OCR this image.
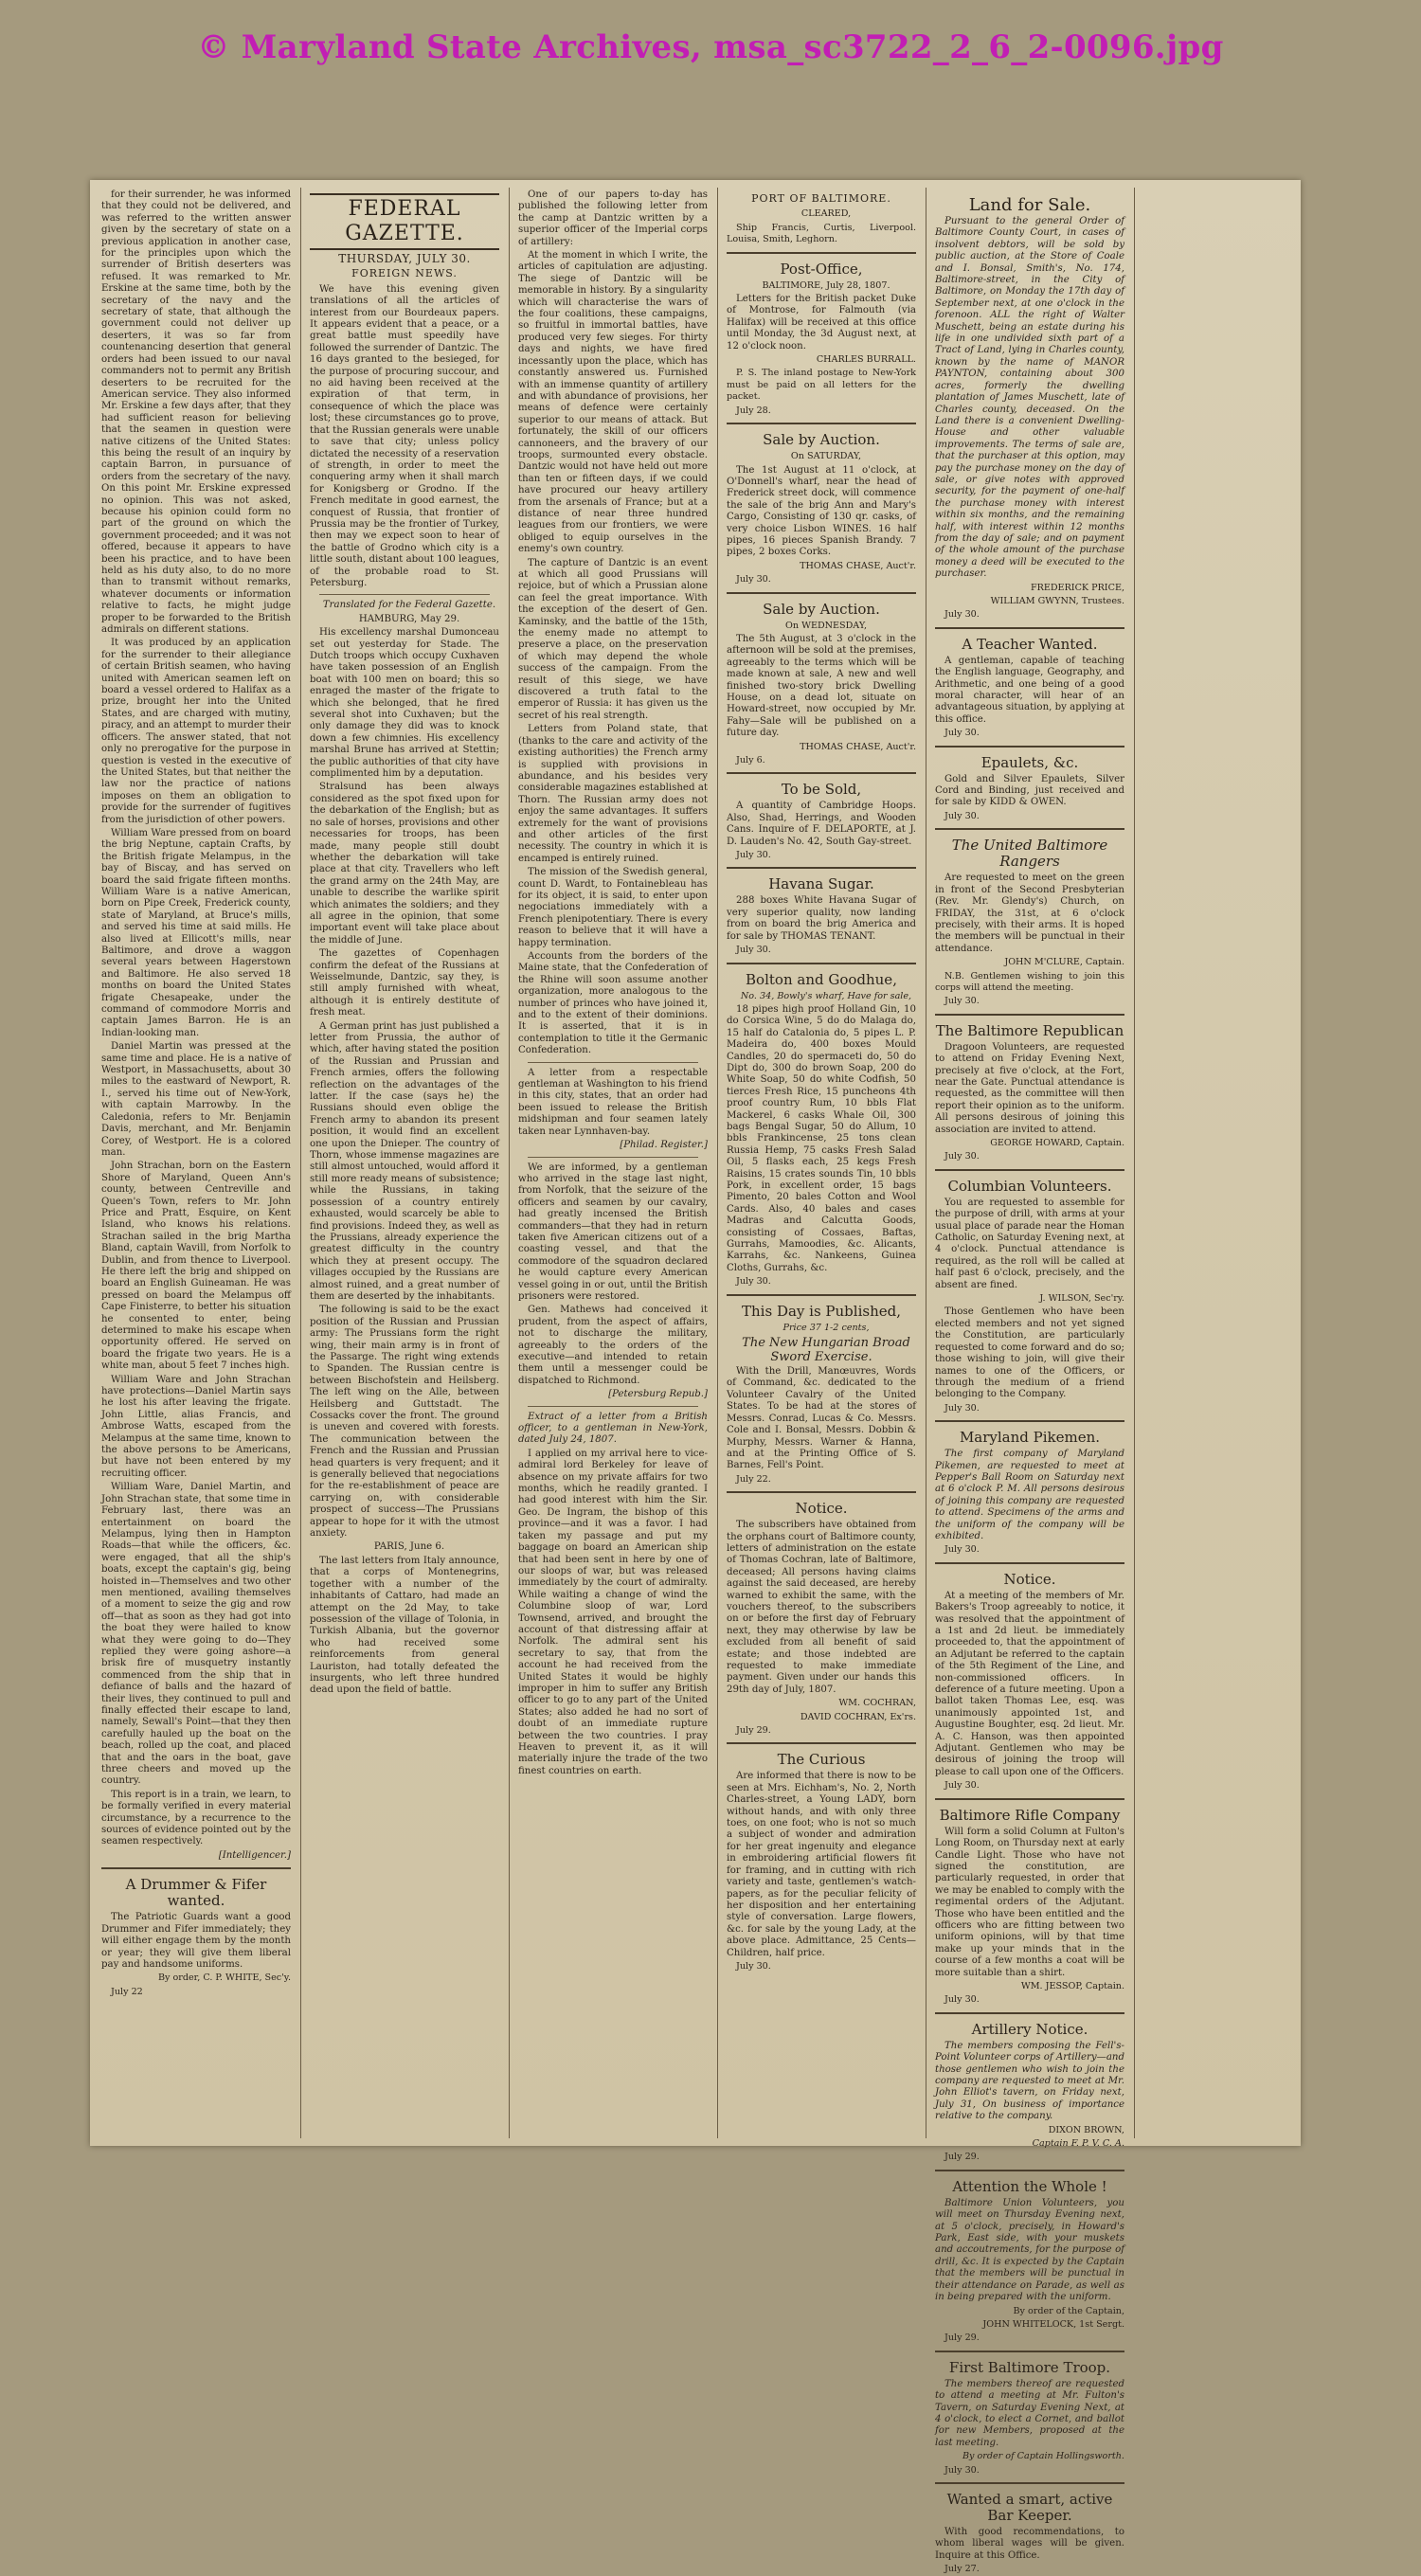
© Maryland State Archives, msa_sc3722_2_6_2-0096.jpg

for their surrender, he was informed that they could not be delivered, and was referred to the written answer given by the secretary of state on a previous application in another case, for the principles upon which the surrender of British deserters was refused. It was remarked to Mr. Erskine at the same time, both by the secretary of the navy and the secretary of state, that although the government could not deliver up deserters, it was so far from countenancing desertion that general orders had been issued to our naval commanders not to permit any British deserters to be recruited for the American service. They also informed Mr. Erskine a few days after, that they had sufficient reason for believing that the seamen in question were native citizens of the United States: this being the result of an inquiry by captain Barron, in pursuance of orders from the secretary of the navy. On this point Mr. Erskine expressed no opinion. This was not asked, because his opinion could form no part of the ground on which the government proceeded; and it was not offered, because it appears to have been his practice, and to have been held as his duty also, to do no more than to transmit without remarks, whatever documents or information relative to facts, he might judge proper to be forwarded to the British admirals on different stations.

It was produced by an application for the surrender to their allegiance of certain British seamen, who having united with American seamen left on board a vessel ordered to Halifax as a prize, brought her into the United States, and are charged with mutiny, piracy, and an attempt to murder their officers. The answer stated, that not only no prerogative for the purpose in question is vested in the executive of the United States, but that neither the law nor the practice of nations imposes on them an obligation to provide for the surrender of fugitives from the jurisdiction of other powers.

William Ware pressed from on board the brig Neptune, captain Crafts, by the British frigate Melampus, in the bay of Biscay, and has served on board the said frigate fifteen months. William Ware is a native American, born on Pipe Creek, Frederick county, state of Maryland, at Bruce's mills, and served his time at said mills. He also lived at Ellicott's mills, near Baltimore, and drove a waggon several years between Hagerstown and Baltimore. He also served 18 months on board the United States frigate Chesapeake, under the command of commodore Morris and captain James Barron. He is an Indian-looking man.

Daniel Martin was pressed at the same time and place. He is a native of Westport, in Massachusetts, about 30 miles to the eastward of Newport, R. I., served his time out of New-York, with captain Marrowby. In the Caledonia, refers to Mr. Benjamin Davis, merchant, and Mr. Benjamin Corey, of Westport. He is a colored man.

John Strachan, born on the Eastern Shore of Maryland, Queen Ann's county, between Centreville and Queen's Town, refers to Mr. John Price and Pratt, Esquire, on Kent Island, who knows his relations. Strachan sailed in the brig Martha Bland, captain Wavill, from Norfolk to Dublin, and from thence to Liverpool. He there left the brig and shipped on board an English Guineaman. He was pressed on board the Melampus off Cape Finisterre, to better his situation he consented to enter, being determined to make his escape when opportunity offered. He served on board the frigate two years. He is a white man, about 5 feet 7 inches high.

William Ware and John Strachan have protections—Daniel Martin says he lost his after leaving the frigate. John Little, alias Francis, and Ambrose Watts, escaped from the Melampus at the same time, known to the above persons to be Americans, but have not been entered by my recruiting officer.

William Ware, Daniel Martin, and John Strachan state, that some time in February last, there was an entertainment on board the Melampus, lying then in Hampton Roads—that while the officers, &c. were engaged, that all the ship's boats, except the captain's gig, being hoisted in—Themselves and two other men mentioned, availing themselves of a moment to seize the gig and row off—that as soon as they had got into the boat they were hailed to know what they were going to do—They replied they were going ashore—a brisk fire of musquetry instantly commenced from the ship that in defiance of balls and the hazard of their lives, they continued to pull and finally effected their escape to land, namely, Sewall's Point—that they then carefully hauled up the boat on the beach, rolled up the coat, and placed that and the oars in the boat, gave three cheers and moved up the country.

This report is in a train, we learn, to be formally verified in every material circumstance, by a recurrence to the sources of evidence pointed out by the seamen respectively.

[Intelligencer.]

A Drummer & Fifer wanted.

The Patriotic Guards want a good Drummer and Fifer immediately; they will either engage them by the month or year; they will give them liberal pay and handsome uniforms.

By order, C. P. WHITE, Sec'y.

July 22

FEDERAL GAZETTE.
THURSDAY, JULY 30.
FOREIGN NEWS.

We have this evening given translations of all the articles of interest from our Bourdeaux papers. It appears evident that a peace, or a great battle must speedily have followed the surrender of Dantzic. The 16 days granted to the besieged, for the purpose of procuring succour, and no aid having been received at the expiration of that term, in consequence of which the place was lost; these circumstances go to prove, that the Russian generals were unable to save that city; unless policy dictated the necessity of a reservation of strength, in order to meet the conquering army when it shall march for Konigsberg or Grodno. If the French meditate in good earnest, the conquest of Russia, that frontier of Prussia may be the frontier of Turkey, then may we expect soon to hear of the battle of Grodno which city is a little south, distant about 100 leagues, of the probable road to St. Petersburg.

Translated for the Federal Gazette.

HAMBURG, May 29.

His excellency marshal Dumonceau set out yesterday for Stade. The Dutch troops which occupy Cuxhaven have taken possession of an English boat with 100 men on board; this so enraged the master of the frigate to which she belonged, that he fired several shot into Cuxhaven; but the only damage they did was to knock down a few chimnies. His excellency marshal Brune has arrived at Stettin; the public authorities of that city have complimented him by a deputation.

Stralsund has been always considered as the spot fixed upon for the debarkation of the English; but as no sale of horses, provisions and other necessaries for troops, has been made, many people still doubt whether the debarkation will take place at that city. Travellers who left the grand army on the 24th May, are unable to describe the warlike spirit which animates the soldiers; and they all agree in the opinion, that some important event will take place about the middle of June.

The gazettes of Copenhagen confirm the defeat of the Russians at Weisselmunde, Dantzic, say they, is still amply furnished with wheat, although it is entirely destitute of fresh meat.

A German print has just published a letter from Prussia, the author of which, after having stated the position of the Russian and Prussian and French armies, offers the following reflection on the advantages of the latter. If the case (says he) the Russians should even oblige the French army to abandon its present position, it would find an excellent one upon the Dnieper. The country of Thorn, whose immense magazines are still almost untouched, would afford it still more ready means of subsistence; while the Russians, in taking possession of a country entirely exhausted, would scarcely be able to find provisions. Indeed they, as well as the Prussians, already experience the greatest difficulty in the country which they at present occupy. The villages occupied by the Russians are almost ruined, and a great number of them are deserted by the inhabitants.

The following is said to be the exact position of the Russian and Prussian army: The Prussians form the right wing, their main army is in front of the Passarge. The right wing extends to Spanden. The Russian centre is between Bischofstein and Heilsberg. The left wing on the Alle, between Heilsberg and Guttstadt. The Cossacks cover the front. The ground is uneven and covered with forests. The communication between the French and the Russian and Prussian head quarters is very frequent; and it is generally believed that negociations for the re-establishment of peace are carrying on, with considerable prospect of success—The Prussians appear to hope for it with the utmost anxiety.

PARIS, June 6.

The last letters from Italy announce, that a corps of Montenegrins, together with a number of the inhabitants of Cattaro, had made an attempt on the 2d May, to take possession of the village of Tolonia, in Turkish Albania, but the governor who had received some reinforcements from general Lauriston, had totally defeated the insurgents, who left three hundred dead upon the field of battle.

One of our papers to-day has published the following letter from the camp at Dantzic written by a superior officer of the Imperial corps of artillery:

At the moment in which I write, the articles of capitulation are adjusting. The siege of Dantzic will be memorable in history. By a singularity which will characterise the wars of the four coalitions, these campaigns, so fruitful in immortal battles, have produced very few sieges. For thirty days and nights, we have fired incessantly upon the place, which has constantly answered us. Furnished with an immense quantity of artillery and with abundance of provisions, her means of defence were certainly superior to our means of attack. But fortunately, the skill of our officers cannoneers, and the bravery of our troops, surmounted every obstacle. Dantzic would not have held out more than ten or fifteen days, if we could have procured our heavy artillery from the arsenals of France; but at a distance of near three hundred leagues from our frontiers, we were obliged to equip ourselves in the enemy's own country.

The capture of Dantzic is an event at which all good Prussians will rejoice, but of which a Prussian alone can feel the great importance. With the exception of the desert of Gen. Kaminsky, and the battle of the 15th, the enemy made no attempt to preserve a place, on the preservation of which may depend the whole success of the campaign. From the result of this siege, we have discovered a truth fatal to the emperor of Russia: it has given us the secret of his real strength.

Letters from Poland state, that (thanks to the care and activity of the existing authorities) the French army is supplied with provisions in abundance, and his besides very considerable magazines established at Thorn. The Russian army does not enjoy the same advantages. It suffers extremely for the want of provisions and other articles of the first necessity. The country in which it is encamped is entirely ruined.

The mission of the Swedish general, count D. Wardt, to Fontainebleau has for its object, it is said, to enter upon negociations immediately with a French plenipotentiary. There is every reason to believe that it will have a happy termination.

Accounts from the borders of the Maine state, that the Confederation of the Rhine will soon assume another organization, more analogous to the number of princes who have joined it, and to the extent of their dominions. It is asserted, that it is in contemplation to title it the Germanic Confederation.

A letter from a respectable gentleman at Washington to his friend in this city, states, that an order had been issued to release the British midshipman and four seamen lately taken near Lynnhaven-bay.

[Philad. Register.]

We are informed, by a gentleman who arrived in the stage last night, from Norfolk, that the seizure of the officers and seamen by our cavalry, had greatly incensed the British commanders—that they had in return taken five American citizens out of a coasting vessel, and that the commodore of the squadron declared he would capture every American vessel going in or out, until the British prisoners were restored.

Gen. Mathews had conceived it prudent, from the aspect of affairs, not to discharge the military, agreeably to the orders of the executive—and intended to retain them until a messenger could be dispatched to Richmond.

[Petersburg Repub.]

Extract of a letter from a British officer, to a gentleman in New-York, dated July 24, 1807.

I applied on my arrival here to vice-admiral lord Berkeley for leave of absence on my private affairs for two months, which he readily granted. I had good interest with him the Sir. Geo. De Ingram, the bishop of this province—and it was a favor. I had taken my passage and put my baggage on board an American ship that had been sent in here by one of our sloops of war, but was released immediately by the court of admiralty. While waiting a change of wind the Columbine sloop of war, Lord Townsend, arrived, and brought the account of that distressing affair at Norfolk. The admiral sent his secretary to say, that from the account he had received from the United States it would be highly improper in him to suffer any British officer to go to any part of the United States; also added he had no sort of doubt of an immediate rupture between the two countries. I pray Heaven to prevent it, as it will materially injure the trade of the two finest countries on earth.

PORT OF BALTIMORE.

CLEARED,

Ship Francis, Curtis, Liverpool. Louisa, Smith, Leghorn.

Post-Office,

BALTIMORE, July 28, 1807.

Letters for the British packet Duke of Montrose, for Falmouth (via Halifax) will be received at this office until Monday, the 3d August next, at 12 o'clock noon.

CHARLES BURRALL.

P. S. The inland postage to New-York must be paid on all letters for the packet.

July 28.

Sale by Auction.

On SATURDAY,

The 1st August at 11 o'clock, at O'Donnell's wharf, near the head of Frederick street dock, will commence the sale of the brig Ann and Mary's Cargo, Consisting of 130 qr. casks, of very choice Lisbon WINES. 16 half pipes, 16 pieces Spanish Brandy. 7 pipes, 2 boxes Corks.

THOMAS CHASE, Auct'r.

July 30.

Sale by Auction.

On WEDNESDAY,

The 5th August, at 3 o'clock in the afternoon will be sold at the premises, agreeably to the terms which will be made known at sale, A new and well finished two-story brick Dwelling House, on a dead lot, situate on Howard-street, now occupied by Mr. Fahy—Sale will be published on a future day.

THOMAS CHASE, Auct'r.

July 6.

To be Sold,

A quantity of Cambridge Hoops. Also, Shad, Herrings, and Wooden Cans. Inquire of F. DELAPORTE, at J. D. Lauden's No. 42, South Gay-street.

July 30.

Havana Sugar.

288 boxes White Havana Sugar of very superior quality, now landing from on board the brig America and for sale by THOMAS TENANT.

July 30.

Bolton and Goodhue,

No. 34, Bowly's wharf, Have for sale,

18 pipes high proof Holland Gin, 10 do Corsica Wine, 5 do do Malaga do, 15 half do Catalonia do, 5 pipes L. P. Madeira do, 400 boxes Mould Candles, 20 do spermaceti do, 50 do Dipt do, 300 do brown Soap, 200 do White Soap, 50 do white Codfish, 50 tierces Fresh Rice, 15 puncheons 4th proof country Rum, 10 bbls Flat Mackerel, 6 casks Whale Oil, 300 bags Bengal Sugar, 50 do Allum, 10 bbls Frankincense, 25 tons clean Russia Hemp, 75 casks Fresh Salad Oil, 5 flasks each, 25 kegs Fresh Raisins, 15 crates sounds Tin, 10 bbls Pork, in excellent order, 15 bags Pimento, 20 bales Cotton and Wool Cards. Also, 40 bales and cases Madras and Calcutta Goods, consisting of Cossaes, Baftas, Gurrahs, Mamoodies, &c. Alicants, Karrahs, &c. Nankeens, Guinea Cloths, Gurrahs, &c.

July 30.

This Day is Published,

Price 37 1-2 cents,

The New Hungarian Broad Sword Exercise.

With the Drill, Manœuvres, Words of Command, &c. dedicated to the Volunteer Cavalry of the United States. To be had at the stores of Messrs. Conrad, Lucas & Co. Messrs. Cole and I. Bonsal, Messrs. Dobbin & Murphy, Messrs. Warner & Hanna, and at the Printing Office of S. Barnes, Fell's Point.

July 22.

Notice.

The subscribers have obtained from the orphans court of Baltimore county, letters of administration on the estate of Thomas Cochran, late of Baltimore, deceased; All persons having claims against the said deceased, are hereby warned to exhibit the same, with the vouchers thereof, to the subscribers on or before the first day of February next, they may otherwise by law be excluded from all benefit of said estate; and those indebted are requested to make immediate payment. Given under our hands this 29th day of July, 1807.

WM. COCHRAN,

DAVID COCHRAN, Ex'rs.

July 29.

The Curious

Are informed that there is now to be seen at Mrs. Eichham's, No. 2, North Charles-street, a Young LADY, born without hands, and with only three toes, on one foot; who is not so much a subject of wonder and admiration for her great ingenuity and elegance in embroidering artificial flowers fit for framing, and in cutting with rich variety and taste, gentlemen's watch-papers, as for the peculiar felicity of her disposition and her entertaining style of conversation. Large flowers, &c. for sale by the young Lady, at the above place. Admittance, 25 Cents—Children, half price.

July 30.

Land for Sale.

Pursuant to the general Order of Baltimore County Court, in cases of insolvent debtors, will be sold by public auction, at the Store of Coale and I. Bonsal, Smith's, No. 174, Baltimore-street, in the City of Baltimore, on Monday the 17th day of September next, at one o'clock in the forenoon. ALL the right of Walter Muschett, being an estate during his life in one undivided sixth part of a Tract of Land, lying in Charles county, known by the name of MANOR PAYNTON, containing about 300 acres, formerly the dwelling plantation of James Muschett, late of Charles county, deceased. On the Land there is a convenient Dwelling-House and other valuable improvements. The terms of sale are, that the purchaser at this option, may pay the purchase money on the day of sale, or give notes with approved security, for the payment of one-half the purchase money with interest within six months, and the remaining half, with interest within 12 months from the day of sale; and on payment of the whole amount of the purchase money a deed will be executed to the purchaser.

FREDERICK PRICE,

WILLIAM GWYNN, Trustees.

July 30.

A Teacher Wanted.

A gentleman, capable of teaching the English language, Geography, and Arithmetic, and one being of a good moral character, will hear of an advantageous situation, by applying at this office.

July 30.

Epaulets, &c.

Gold and Silver Epaulets, Silver Cord and Binding, just received and for sale by KIDD & OWEN.

July 30.

The United Baltimore Rangers

Are requested to meet on the green in front of the Second Presbyterian (Rev. Mr. Glendy's) Church, on FRIDAY, the 31st, at 6 o'clock precisely, with their arms. It is hoped the members will be punctual in their attendance.

JOHN M'CLURE, Captain.

N.B. Gentlemen wishing to join this corps will attend the meeting.

July 30.

The Baltimore Republican

Dragoon Volunteers, are requested to attend on Friday Evening Next, precisely at five o'clock, at the Fort, near the Gate. Punctual attendance is requested, as the committee will then report their opinion as to the uniform. All persons desirous of joining this association are invited to attend.

GEORGE HOWARD, Captain.

July 30.

Columbian Volunteers.

You are requested to assemble for the purpose of drill, with arms at your usual place of parade near the Homan Catholic, on Saturday Evening next, at 4 o'clock. Punctual attendance is required, as the roll will be called at half past 6 o'clock, precisely, and the absent are fined.

J. WILSON, Sec'ry.

Those Gentlemen who have been elected members and not yet signed the Constitution, are particularly requested to come forward and do so; those wishing to join, will give their names to one of the Officers, or through the medium of a friend belonging to the Company.

July 30.

Maryland Pikemen.

The first company of Maryland Pikemen, are requested to meet at Pepper's Ball Room on Saturday next at 6 o'clock P. M. All persons desirous of joining this company are requested to attend. Specimens of the arms and the uniform of the company will be exhibited.

July 30.

Notice.

At a meeting of the members of Mr. Bakers's Troop agreeably to notice, it was resolved that the appointment of a 1st and 2d lieut. be immediately proceeded to, that the appointment of an Adjutant be referred to the captain of the 5th Regiment of the Line, and non-commissioned officers. In deference of a future meeting. Upon a ballot taken Thomas Lee, esq. was unanimously appointed 1st, and Augustine Boughter, esq. 2d lieut. Mr. A. C. Hanson, was then appointed Adjutant. Gentlemen who may be desirous of joining the troop will please to call upon one of the Officers.

July 30.

Baltimore Rifle Company

Will form a solid Column at Fulton's Long Room, on Thursday next at early Candle Light. Those who have not signed the constitution, are particularly requested, in order that we may be enabled to comply with the regimental orders of the Adjutant. Those who have been entitled and the officers who are fitting between two uniform opinions, will by that time make up your minds that in the course of a few months a coat will be more suitable than a shirt.

WM. JESSOP, Captain.

July 30.

Artillery Notice.

The members composing the Fell's-Point Volunteer corps of Artillery—and those gentlemen who wish to join the company are requested to meet at Mr. John Elliot's tavern, on Friday next, July 31, On business of importance relative to the company.

DIXON BROWN,

Captain F. P. V. C. A.

July 29.

Attention the Whole !

Baltimore Union Volunteers, you will meet on Thursday Evening next, at 5 o'clock, precisely, in Howard's Park, East side, with your muskets and accoutrements, for the purpose of drill, &c. It is expected by the Captain that the members will be punctual in their attendance on Parade, as well as in being prepared with the uniform.

By order of the Captain,

JOHN WHITELOCK, 1st Sergt.

July 29.

First Baltimore Troop.

The members thereof are requested to attend a meeting at Mr. Fulton's Tavern, on Saturday Evening Next, at 4 o'clock, to elect a Cornet, and ballot for new Members, proposed at the last meeting.

By order of Captain Hollingsworth.

July 30.

Wanted a smart, active Bar Keeper.

With good recommendations, to whom liberal wages will be given. Inquire at this Office.

July 27.
